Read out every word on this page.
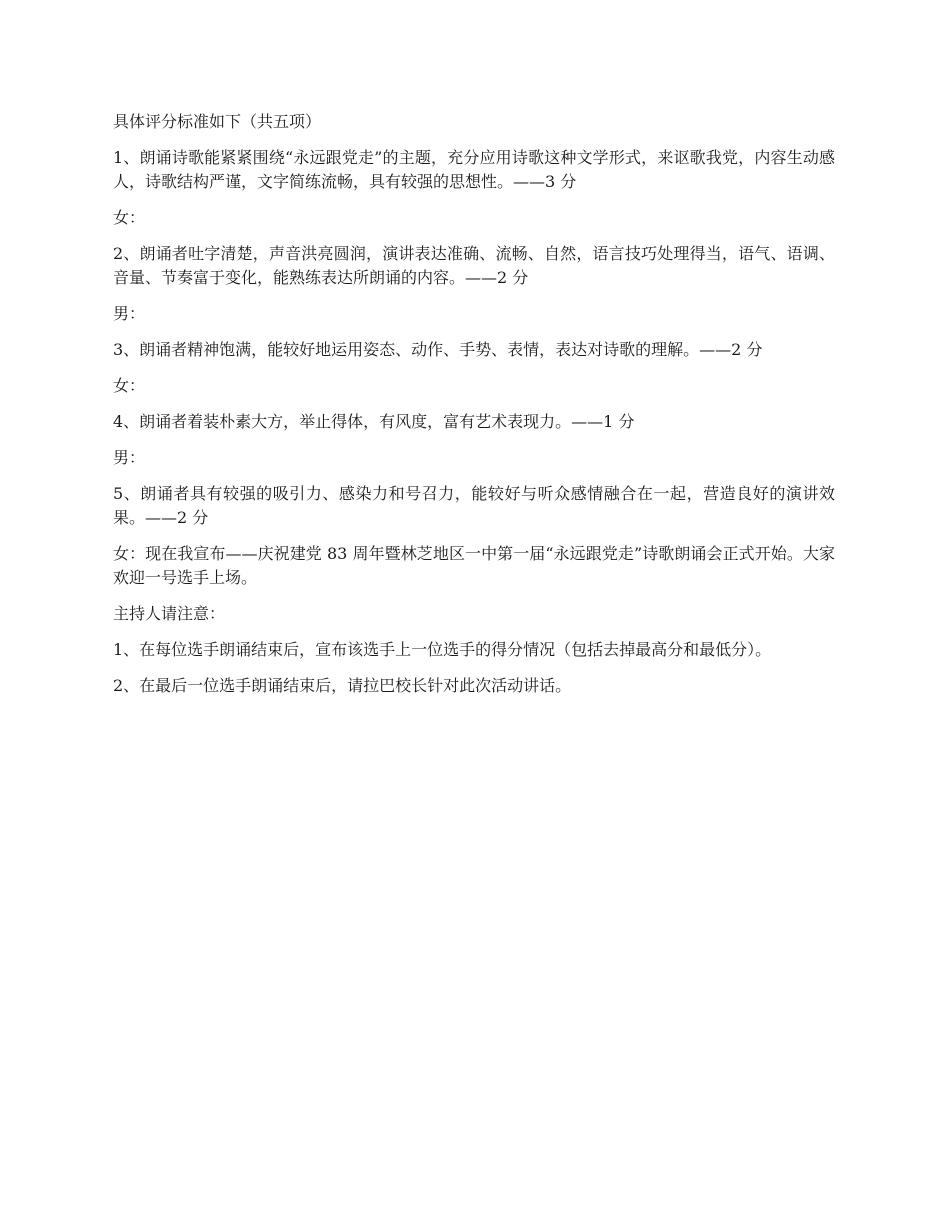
具体评分标准如下（共五项）

1、朗诵诗歌能紧紧围绕“永远跟党走”的主题，充分应用诗歌这种文学形式，来讴歌我党，内容生动感人，诗歌结构严谨，文字简练流畅，具有较强的思想性。——3 分

女：

2、朗诵者吐字清楚，声音洪亮圆润，演讲表达准确、流畅、自然，语言技巧处理得当，语气、语调、音量、节奏富于变化，能熟练表达所朗诵的内容。——2 分

男：

3、朗诵者精神饱满，能较好地运用姿态、动作、手势、表情，表达对诗歌的理解。——2 分

女：

4、朗诵者着装朴素大方，举止得体，有风度，富有艺术表现力。——1 分

男：

5、朗诵者具有较强的吸引力、感染力和号召力，能较好与听众感情融合在一起，营造良好的演讲效果。——2 分

女：现在我宣布——庆祝建党 83 周年暨林芝地区一中第一届“永远跟党走”诗歌朗诵会正式开始。大家欢迎一号选手上场。

主持人请注意：

1、在每位选手朗诵结束后，宣布该选手上一位选手的得分情况（包括去掉最高分和最低分）。

2、在最后一位选手朗诵结束后，请拉巴校长针对此次活动讲话。
